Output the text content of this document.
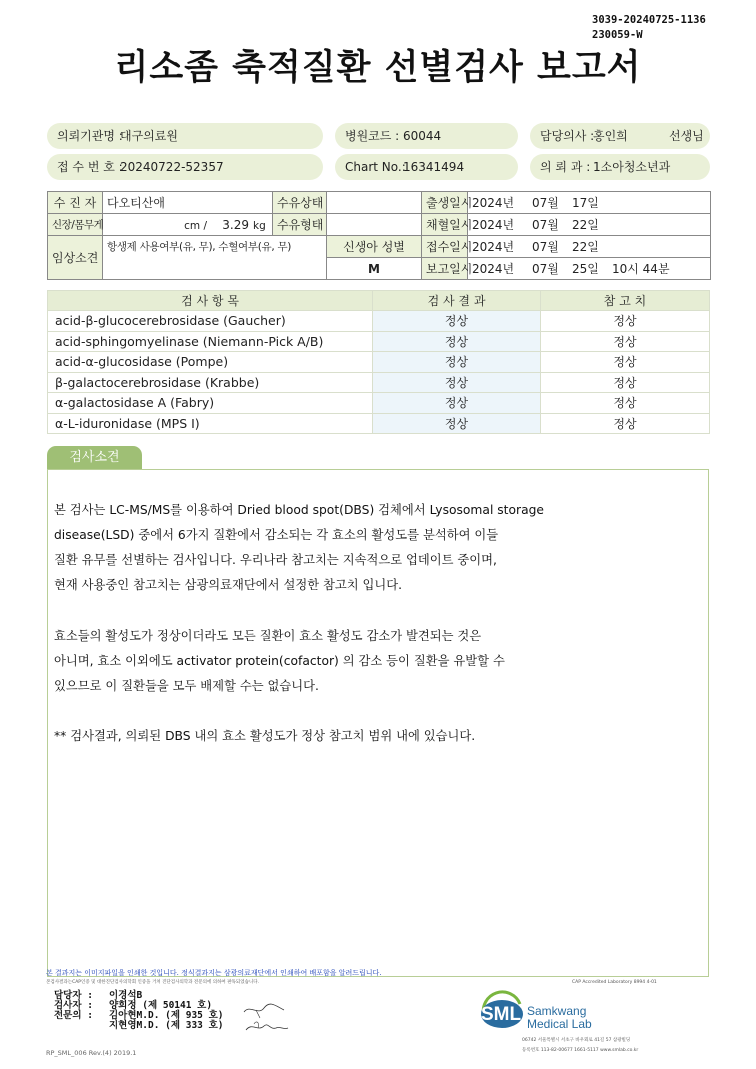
3039-20240725-1136
230059-W
리소좀 축적질환 선별검사 보고서
의뢰기관명 :
대구의료원	병원코드 : 60044	담당의사 :
홍인희	선생님
접 수 번 호 :
20240722-52357	Chart No.:
16341494	의 뢰 과 : 1소아청소년과
수 진 자	다오티산애	수유상태		출생일시	2024년 07월 17일
신장/몸무게	cm / 3.29 kg	수유형태		채혈일시	2024년 07월 22일
임상소견	항생제 사용여부(유, 무), 수혈여부(유, 무)		신생아 성별	접수일시	2024년 07월 22일
			M	보고일시	2024년 07월 25일 10시 44분
검 사 항 목	검 사 결 과	참 고 치
acid-β-glucocerebrosidase (Gaucher)	정상	정상
acid-sphingomyelinase (Niemann-Pick A/B)	정상	정상
acid-α-glucosidase (Pompe)	정상	정상
β-galactocerebrosidase (Krabbe)	정상	정상
α-galactosidase A (Fabry)	정상	정상
α-L-iduronidase (MPS I)	정상	정상
검사소견

본 검사는 LC-MS/MS를 이용하여 Dried blood spot(DBS) 검체에서 Lysosomal storage

disease(LSD) 중에서 6가지 질환에서 감소되는 각 효소의 활성도를 분석하여 이들

질환 유무를 선별하는 검사입니다. 우리나라 참고치는 지속적으로 업데이트 중이며,

현재 사용중인 참고치는 삼광의료재단에서 설정한 참고치 입니다.

효소들의 활성도가 정상이더라도 모든 질환이 효소 활성도 감소가 발견되는 것은

아니며, 효소 이외에도 activator protein(cofactor) 의 감소 등이 질환을 유발할 수

있으므로 이 질환들을 모두 배제할 수는 없습니다.

** 검사결과, 의뢰된 DBS 내의 효소 활성도가 정상 참고치 범위 내에 있습니다.

본 결과지는 이미지파일을 인쇄한 것입니다. 정식결과지는 삼광의료재단에서 인쇄하여 배포함을 알려드립니다.
본검사결과는CAP인증 및 대한진단검사의학회 인증을 거쳐 진단검사의학과 전문의에 의하여 판독되었습니다.	CAP Accredited Laboratory 8994 4-01
담당자 : 이경석B
검사자 : 양희정 (제 50141 호)
전문의 : 김아현M.D. (제 935 호)
지현영M.D. (제 333 호)
RP_SML_006 Rev.(4) 2019.1
SML Samkwang
Medical Lab
06742 서울특별시 서초구 바우뫼로 41길 57 삼광빌딩
등록번호 113-82-00677 1661-5117 www.smlab.co.kr
